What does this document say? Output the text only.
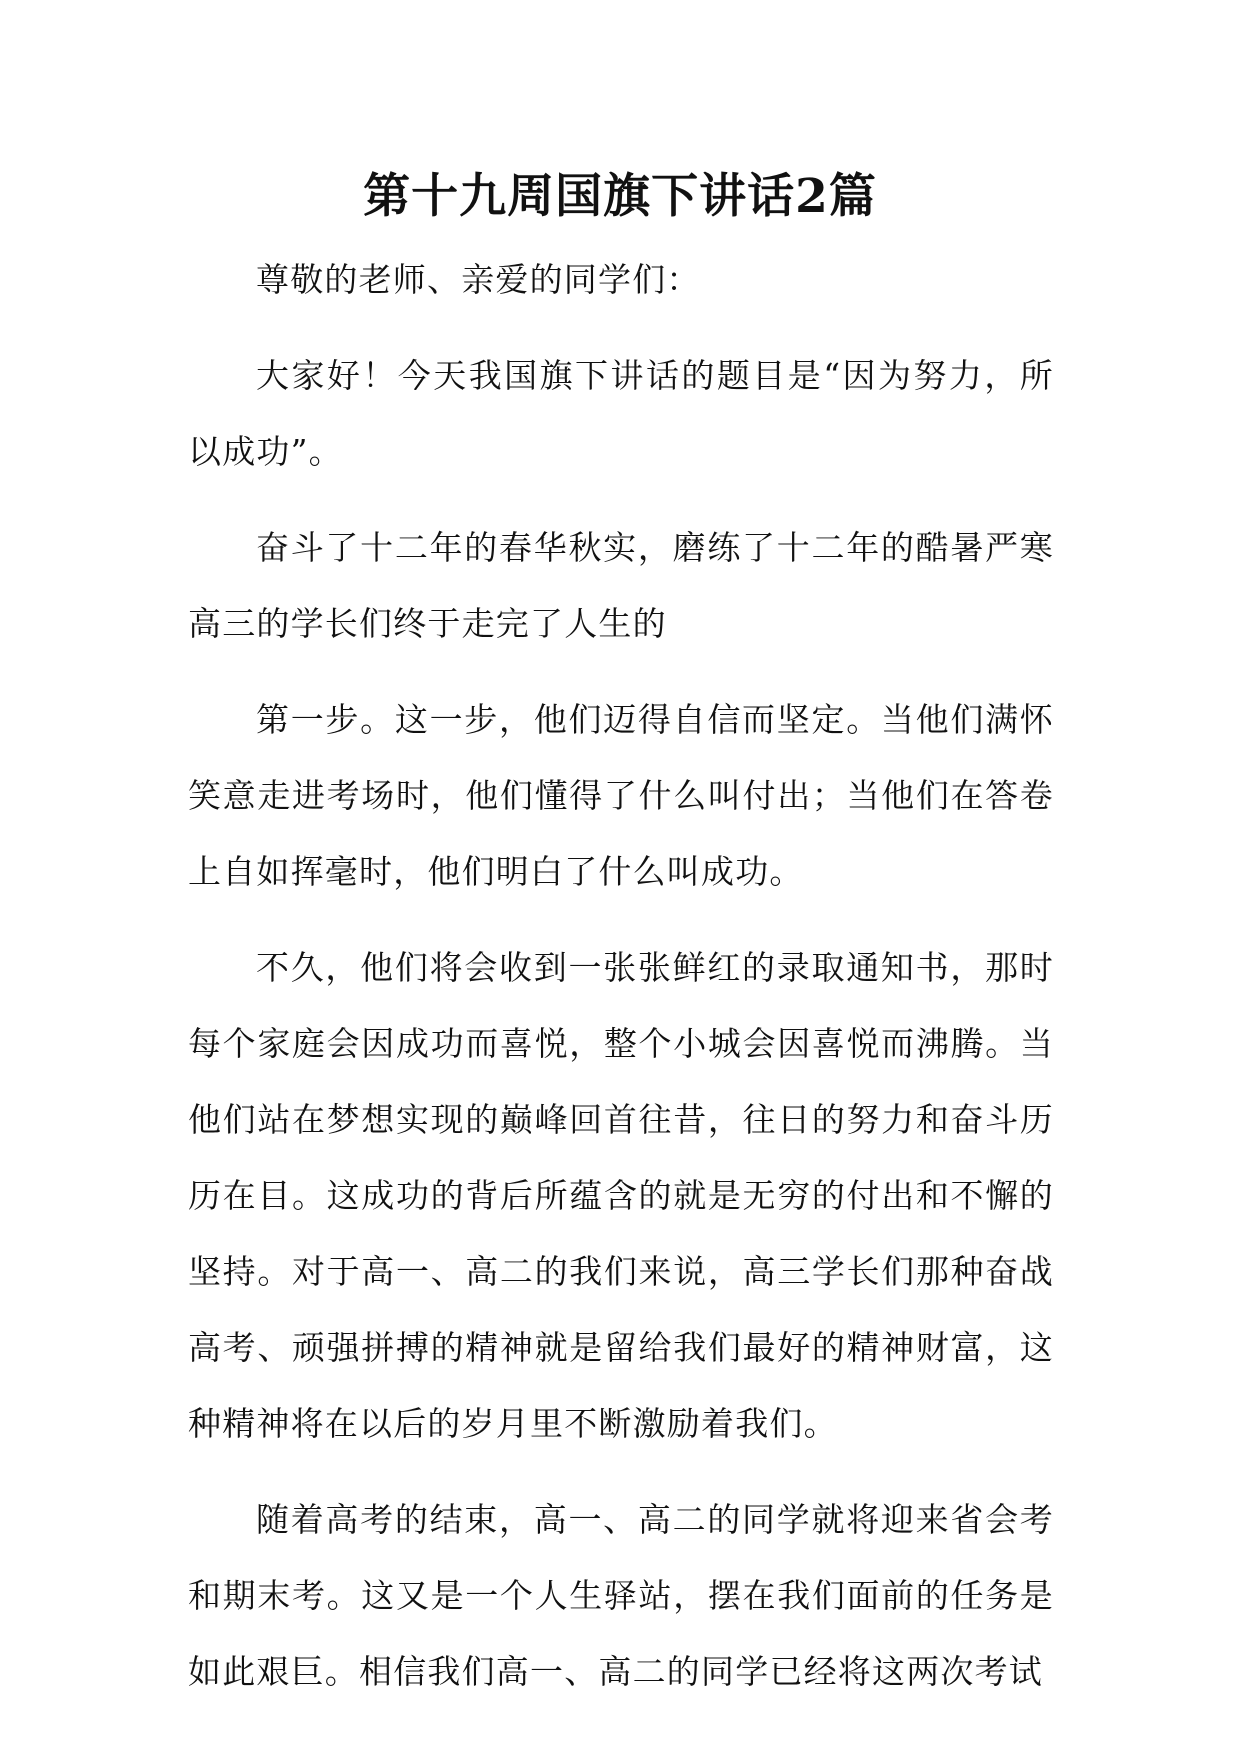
第十九周国旗下讲话2篇

尊敬的老师、亲爱的同学们：

大家好！今天我国旗下讲话的题目是“因为努力，所以成功”。

奋斗了十二年的春华秋实，磨练了十二年的酷暑严寒高三的学长们终于走完了人生的

第一步。这一步，他们迈得自信而坚定。当他们满怀笑意走进考场时，他们懂得了什么叫付出；当他们在答卷上自如挥毫时，他们明白了什么叫成功。

不久，他们将会收到一张张鲜红的录取通知书，那时每个家庭会因成功而喜悦，整个小城会因喜悦而沸腾。当他们站在梦想实现的巅峰回首往昔，往日的努力和奋斗历历在目。这成功的背后所蕴含的就是无穷的付出和不懈的坚持。对于高一、高二的我们来说，高三学长们那种奋战高考、顽强拼搏的精神就是留给我们最好的精神财富，这种精神将在以后的岁月里不断激励着我们。

随着高考的结束，高一、高二的同学就将迎来省会考和期末考。这又是一个人生驿站，摆在我们面前的任务是如此艰巨。相信我们高一、高二的同学已经将这两次考试
